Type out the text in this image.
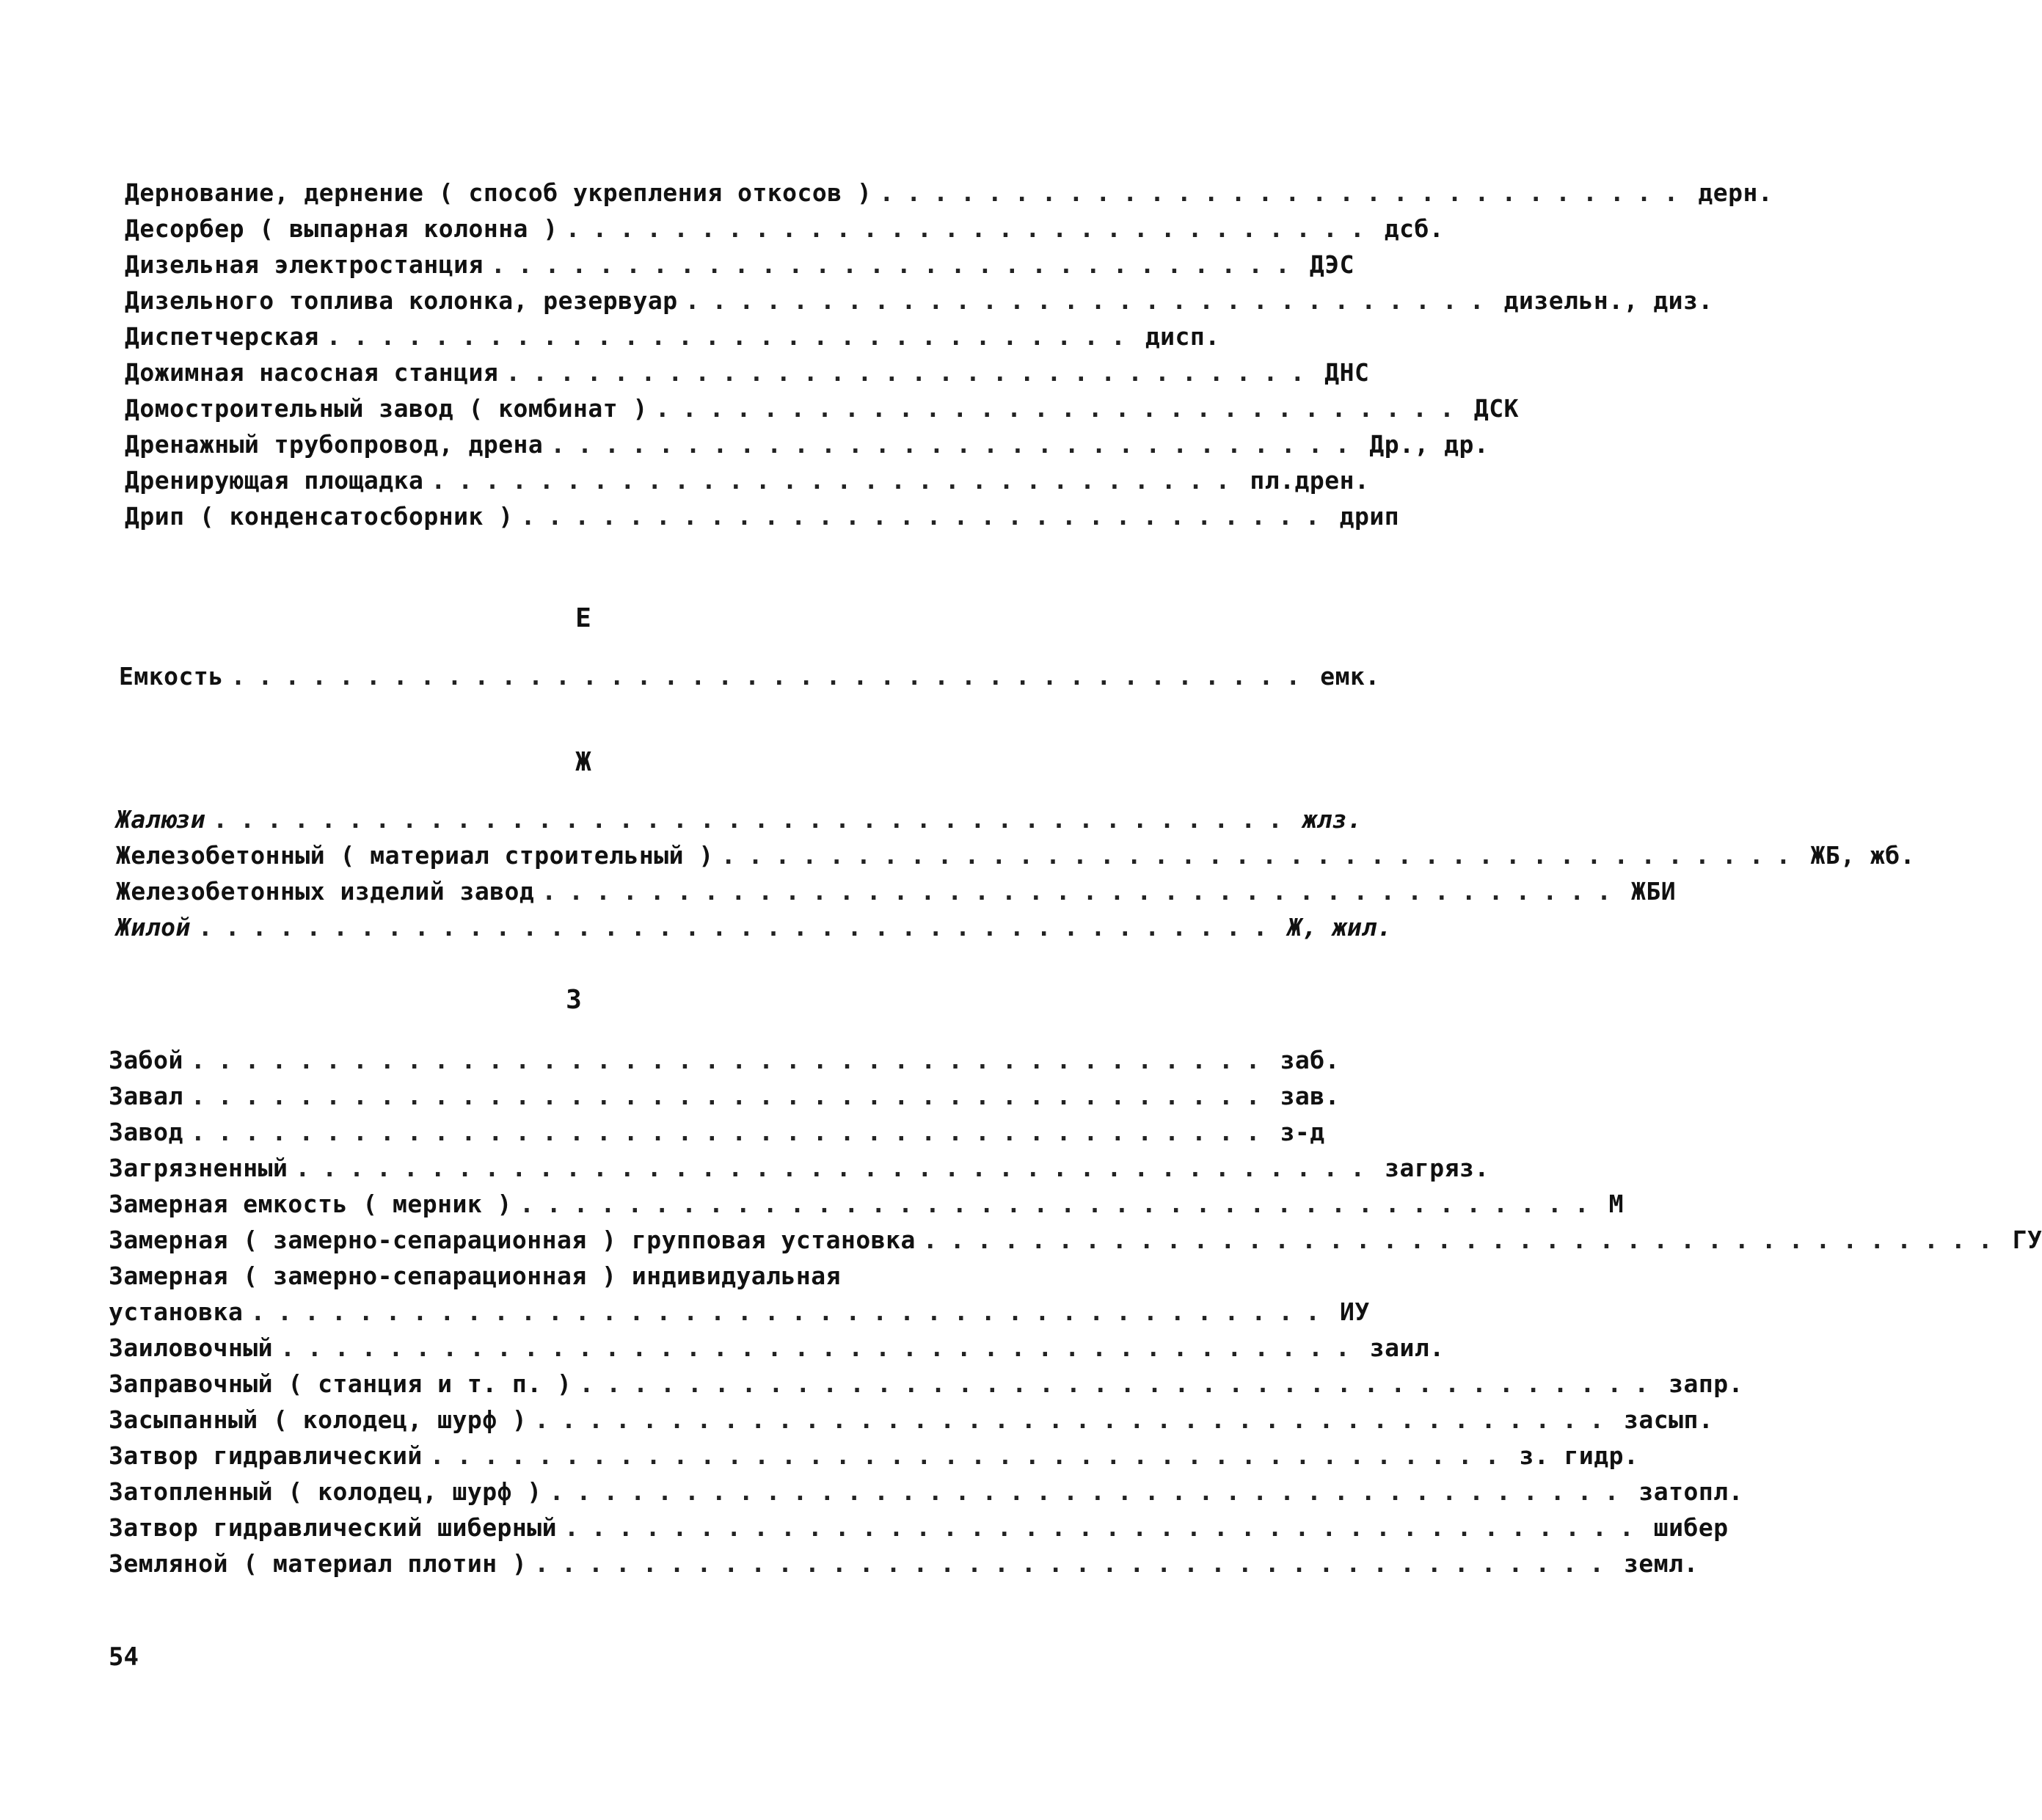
Дернование, дернение ( способ укрепления откосов ) .............................. дерн.
Десорбер ( выпарная колонна ) .............................. дсб.
Дизельная электростанция .............................. ДЭС
Дизельного топлива колонка, резервуар .............................. дизельн., диз.
Диспетчерская .............................. дисп.
Дожимная насосная станция .............................. ДНС
Домостроительный завод ( комбинат ) .............................. ДСК
Дренажный трубопровод, дрена .............................. Др., др.
Дренирующая площадка .............................. пл.дрен.
Дрип ( конденсатосборник ) .............................. дрип
Е
Емкость ........................................ емк.
Ж
Жалюзи ........................................ жлз.
Железобетонный ( материал строительный ) ........................................ ЖБ, жб.
Железобетонных изделий завод ........................................ ЖБИ
Жилой ........................................ Ж, жил.
З
Забой ........................................ заб.
Завал ........................................ зав.
Завод ........................................ з-д
Загрязненный ........................................ загряз.
Замерная емкость ( мерник ) ........................................ М
Замерная ( замерно-сепарационная ) групповая установка ........................................ ГУ
Замерная ( замерно-сепарационная ) индивидуальная
установка ........................................ ИУ
Заиловочный ........................................ заил.
Заправочный ( станция и т. п. ) ........................................ запр.
Засыпанный ( колодец, шурф ) ........................................ засып.
Затвор гидравлический ........................................ з. гидр.
Затопленный ( колодец, шурф ) ........................................ затопл.
Затвор гидравлический шиберный ........................................ шибер
Земляной ( материал плотин ) ........................................ земл.
54
